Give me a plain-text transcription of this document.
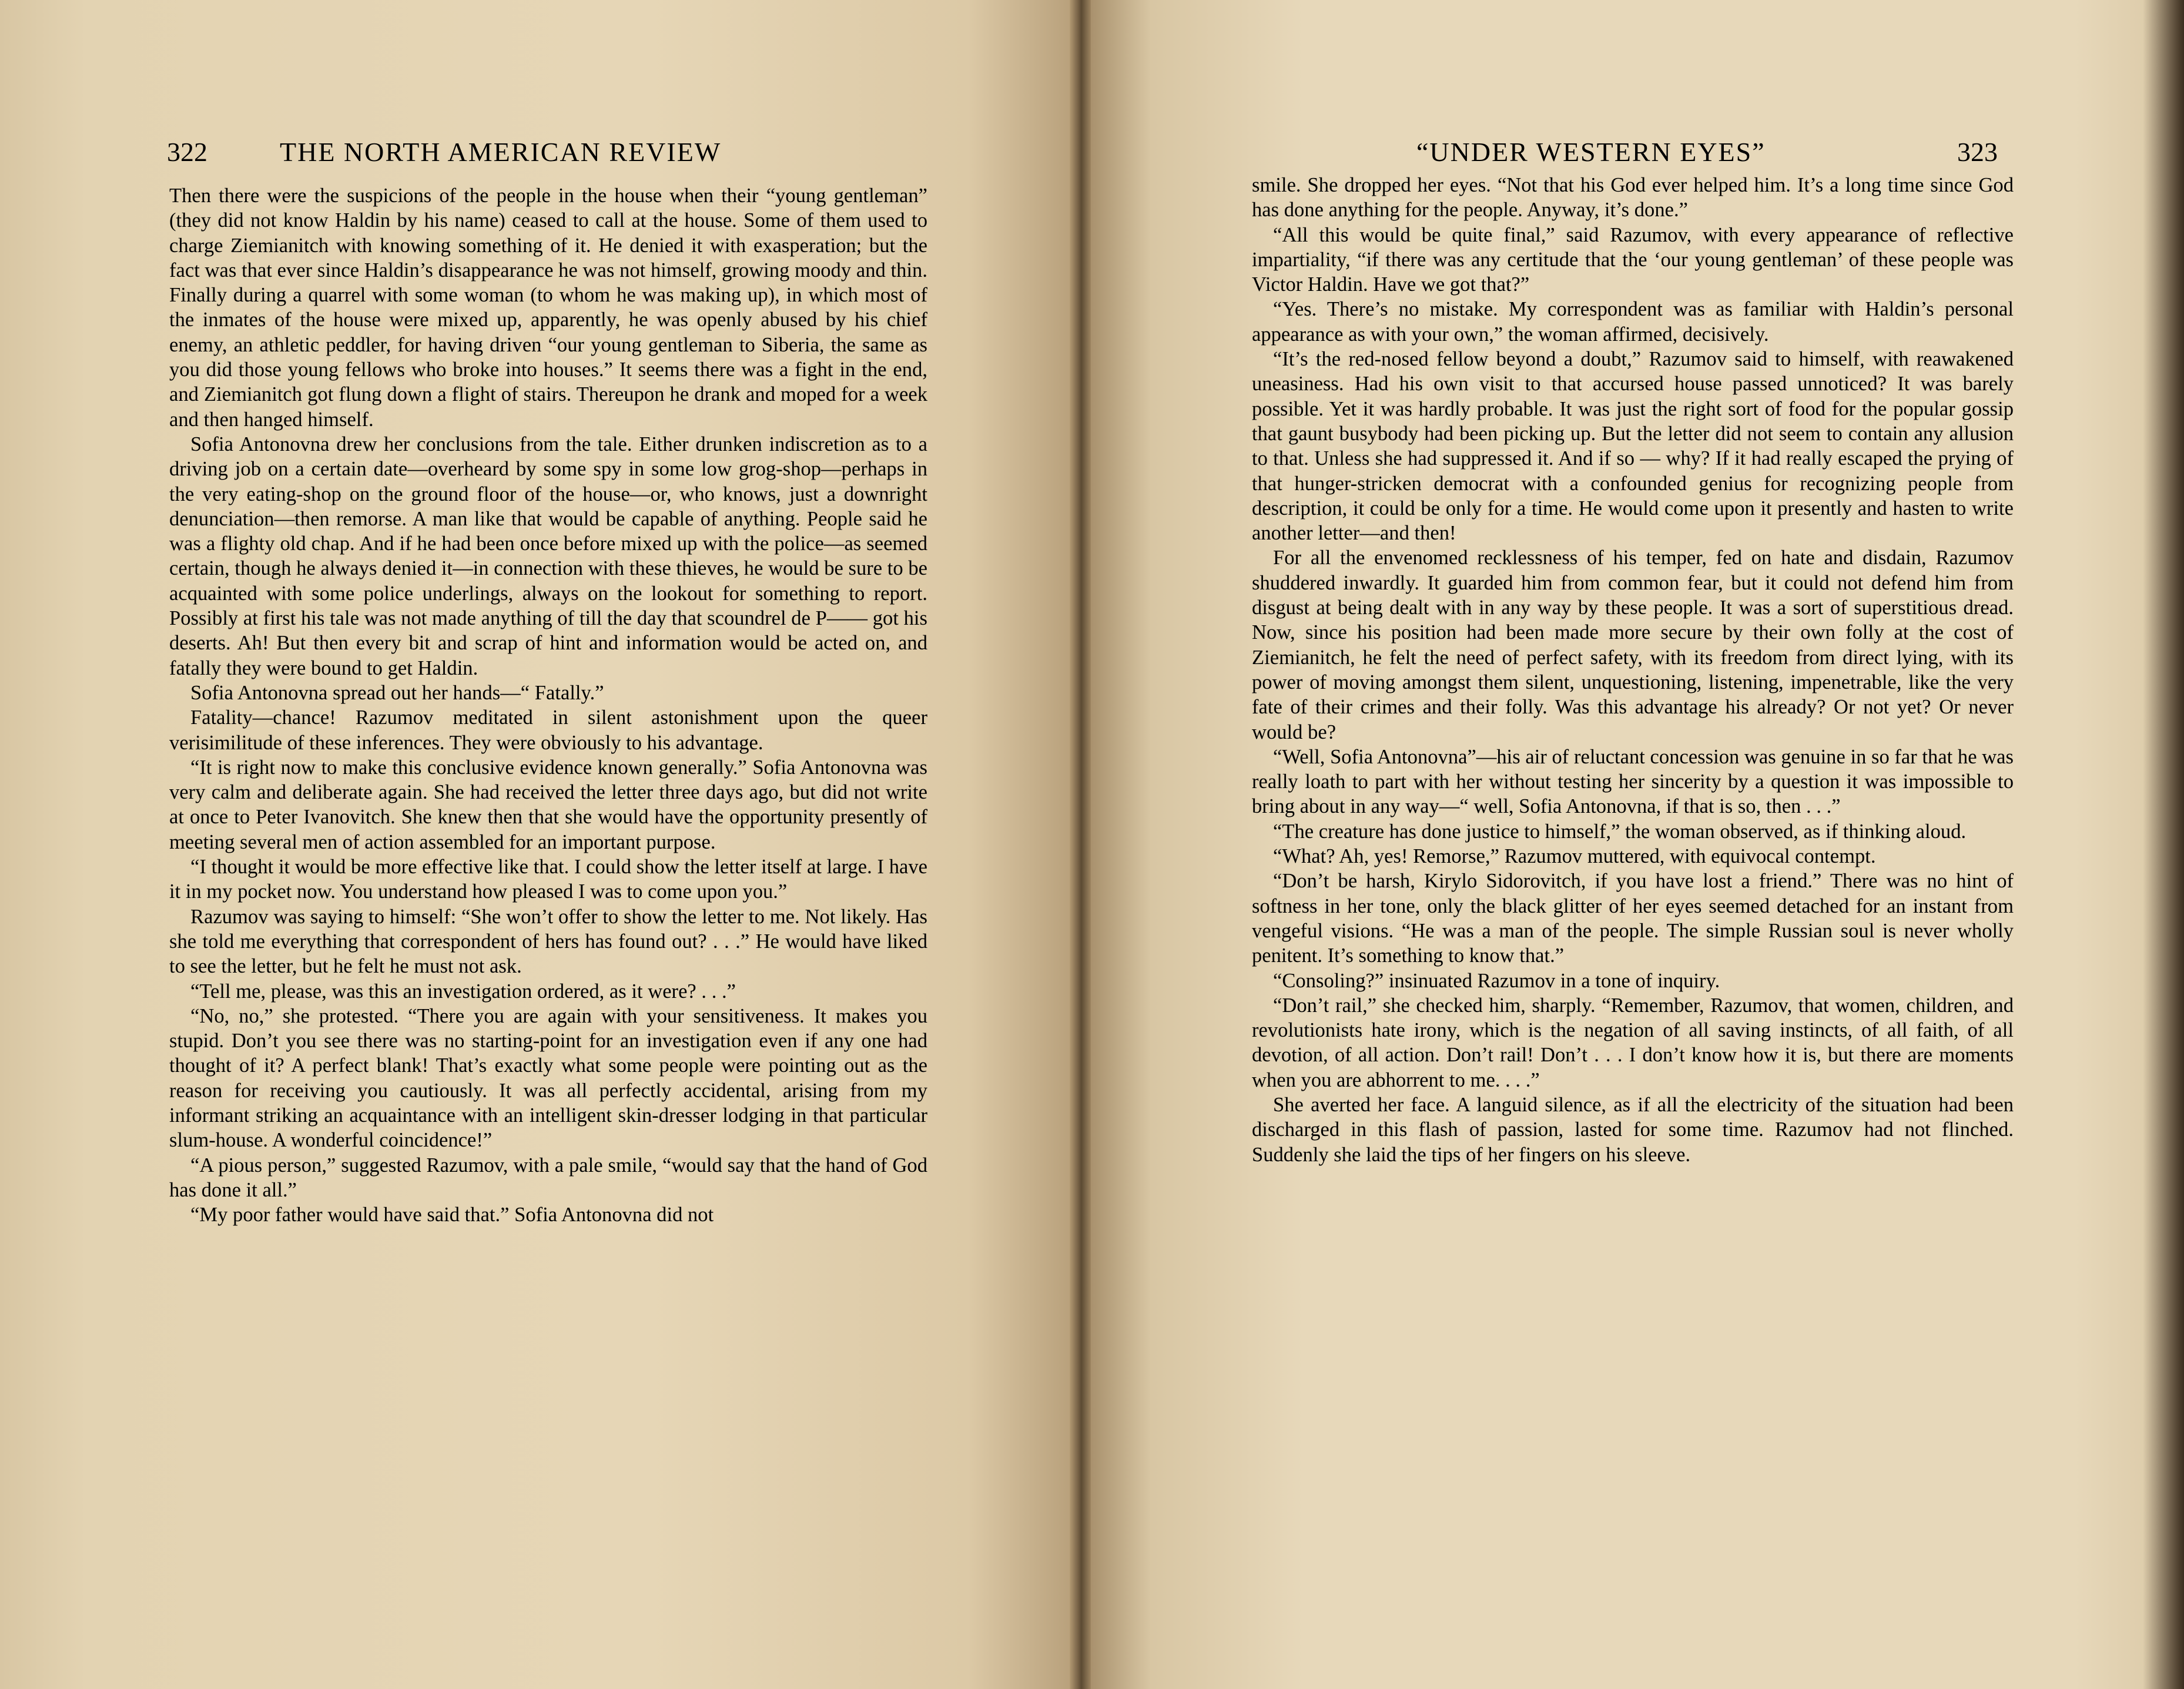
322	THE NORTH AMERICAN REVIEW

Then there were the suspicions of the people in the house when their “young gentleman” (they did not know Haldin by his name) ceased to call at the house. Some of them used to charge Ziemianitch with knowing something of it. He denied it with exasperation; but the fact was that ever since Haldin’s disappearance he was not himself, growing moody and thin. Finally during a quarrel with some woman (to whom he was making up), in which most of the inmates of the house were mixed up, apparently, he was openly abused by his chief enemy, an athletic peddler, for having driven “our young gentleman to Siberia, the same as you did those young fellows who broke into houses.” It seems there was a fight in the end, and Ziemianitch got flung down a flight of stairs. Thereupon he drank and moped for a week and then hanged himself.

Sofia Antonovna drew her conclusions from the tale. Either drunken indiscretion as to a driving job on a certain date—overheard by some spy in some low grog-shop—perhaps in the very eating-shop on the ground floor of the house—or, who knows, just a downright denunciation—then remorse. A man like that would be capable of anything. People said he was a flighty old chap. And if he had been once before mixed up with the police—as seemed certain, though he always denied it—in connection with these thieves, he would be sure to be acquainted with some police underlings, always on the lookout for something to report. Possibly at first his tale was not made anything of till the day that scoundrel de P—— got his deserts. Ah! But then every bit and scrap of hint and information would be acted on, and fatally they were bound to get Haldin.

Sofia Antonovna spread out her hands—“ Fatally.”

Fatality—chance! Razumov meditated in silent astonishment upon the queer verisimilitude of these inferences. They were obviously to his advantage.

“It is right now to make this conclusive evidence known generally.” Sofia Antonovna was very calm and deliberate again. She had received the letter three days ago, but did not write at once to Peter Ivanovitch. She knew then that she would have the opportunity presently of meeting several men of action assembled for an important purpose.

“I thought it would be more effective like that. I could show the letter itself at large. I have it in my pocket now. You understand how pleased I was to come upon you.”

Razumov was saying to himself: “She won’t offer to show the letter to me. Not likely. Has she told me everything that correspondent of hers has found out? . . .” He would have liked to see the letter, but he felt he must not ask.

“Tell me, please, was this an investigation ordered, as it were? . . .”

“No, no,” she protested. “There you are again with your sensitiveness. It makes you stupid. Don’t you see there was no starting-point for an investigation even if any one had thought of it? A perfect blank! That’s exactly what some people were pointing out as the reason for receiving you cautiously. It was all perfectly accidental, arising from my informant striking an acquaintance with an intelligent skin-dresser lodging in that particular slum-house. A wonderful coincidence!”

“A pious person,” suggested Razumov, with a pale smile, “would say that the hand of God has done it all.”

“My poor father would have said that.” Sofia Antonovna did not

“UNDER WESTERN EYES”	323

smile. She dropped her eyes. “Not that his God ever helped him. It’s a long time since God has done anything for the people. Anyway, it’s done.”

“All this would be quite final,” said Razumov, with every appearance of reflective impartiality, “if there was any certitude that the ‘our young gentleman’ of these people was Victor Haldin. Have we got that?”

“Yes. There’s no mistake. My correspondent was as familiar with Haldin’s personal appearance as with your own,” the woman affirmed, decisively.

“It’s the red-nosed fellow beyond a doubt,” Razumov said to himself, with reawakened uneasiness. Had his own visit to that accursed house passed unnoticed? It was barely possible. Yet it was hardly probable. It was just the right sort of food for the popular gossip that gaunt busybody had been picking up. But the letter did not seem to contain any allusion to that. Unless she had suppressed it. And if so — why? If it had really escaped the prying of that hunger-stricken democrat with a confounded genius for recognizing people from description, it could be only for a time. He would come upon it presently and hasten to write another letter—and then!

For all the envenomed recklessness of his temper, fed on hate and disdain, Razumov shuddered inwardly. It guarded him from common fear, but it could not defend him from disgust at being dealt with in any way by these people. It was a sort of superstitious dread. Now, since his position had been made more secure by their own folly at the cost of Ziemianitch, he felt the need of perfect safety, with its freedom from direct lying, with its power of moving amongst them silent, unquestioning, listening, impenetrable, like the very fate of their crimes and their folly. Was this advantage his already? Or not yet? Or never would be?

“Well, Sofia Antonovna”—his air of reluctant concession was genuine in so far that he was really loath to part with her without testing her sincerity by a question it was impossible to bring about in any way—“ well, Sofia Antonovna, if that is so, then . . .”

“The creature has done justice to himself,” the woman observed, as if thinking aloud.

“What? Ah, yes! Remorse,” Razumov muttered, with equivocal contempt.

“Don’t be harsh, Kirylo Sidorovitch, if you have lost a friend.” There was no hint of softness in her tone, only the black glitter of her eyes seemed detached for an instant from vengeful visions. “He was a man of the people. The simple Russian soul is never wholly penitent. It’s something to know that.”

“Consoling?” insinuated Razumov in a tone of inquiry.

“Don’t rail,” she checked him, sharply. “Remember, Razumov, that women, children, and revolutionists hate irony, which is the negation of all saving instincts, of all faith, of all devotion, of all action. Don’t rail! Don’t . . . I don’t know how it is, but there are moments when you are abhorrent to me. . . .”

She averted her face. A languid silence, as if all the electricity of the situation had been discharged in this flash of passion, lasted for some time. Razumov had not flinched. Suddenly she laid the tips of her fingers on his sleeve.
